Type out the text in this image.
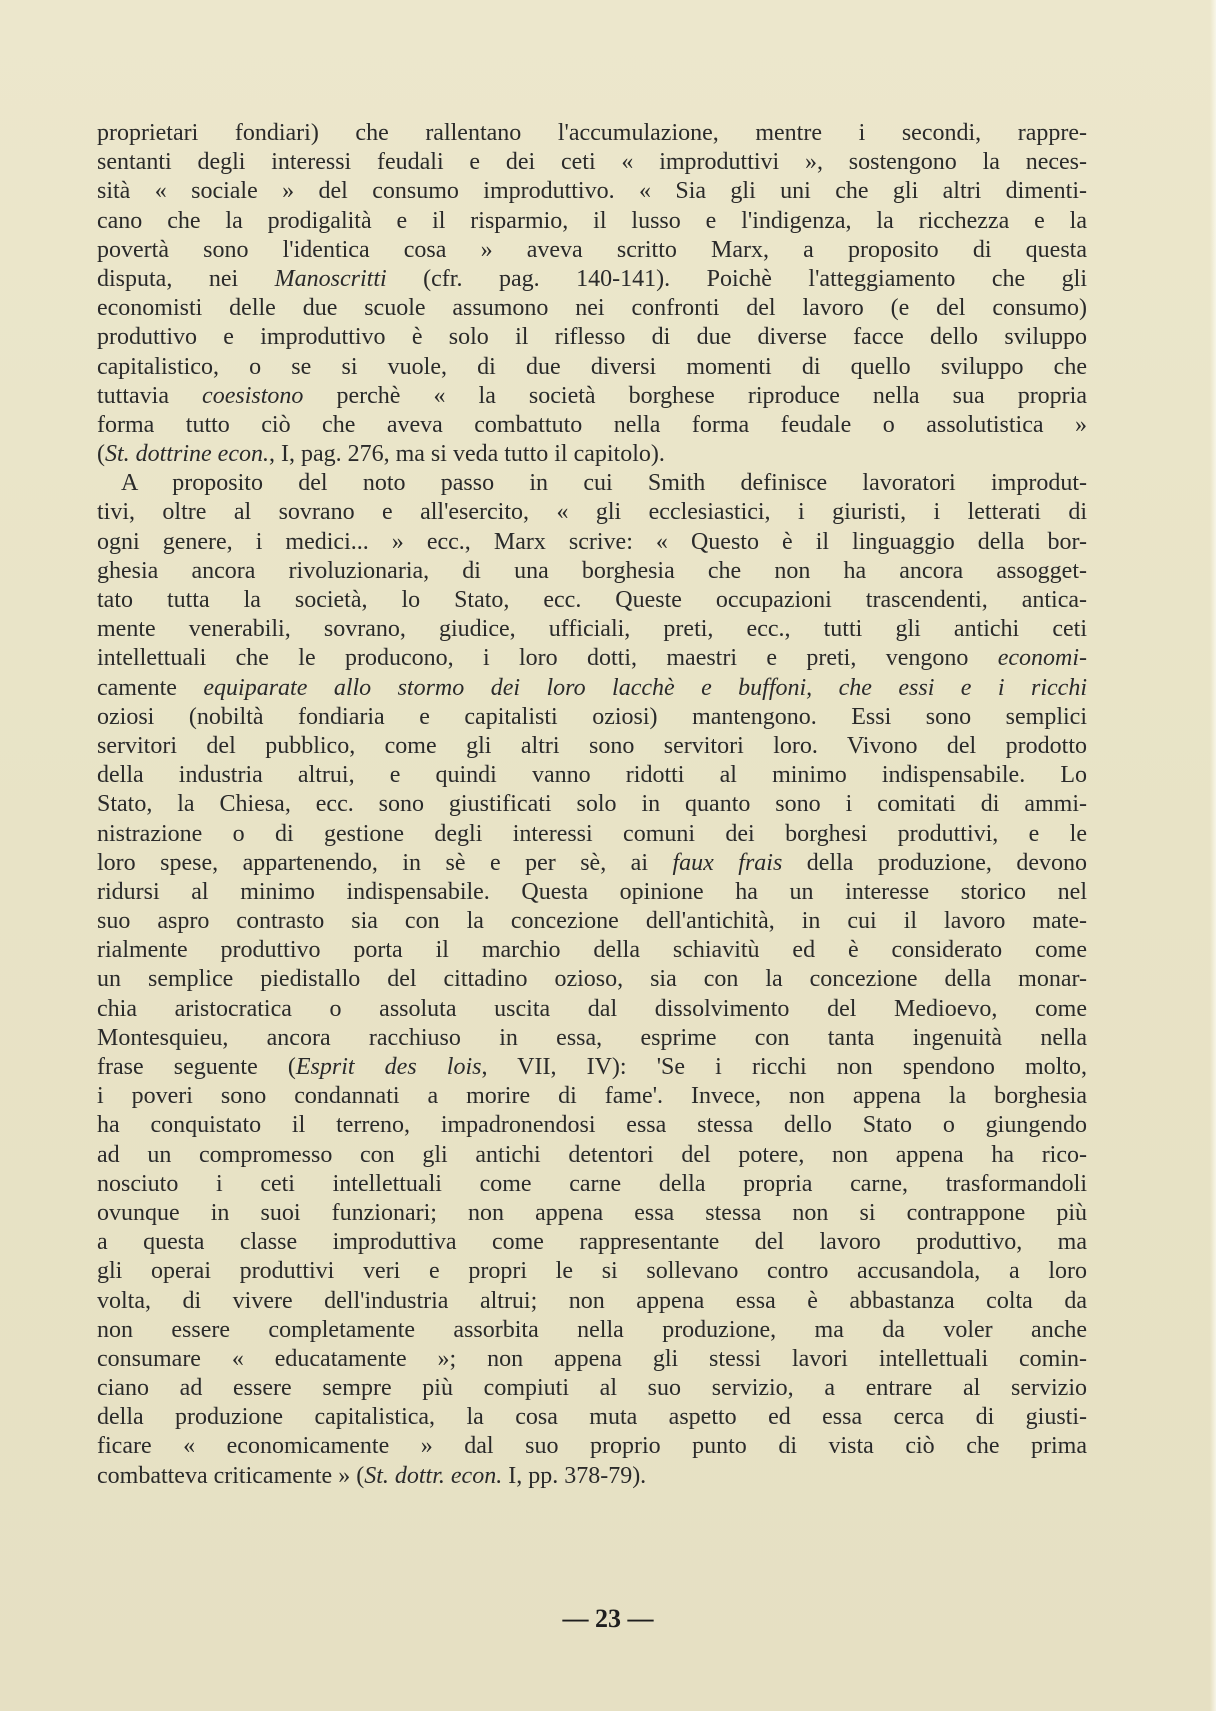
proprietari fondiari) che rallentano l'accumulazione, mentre i secondi, rappre-
sentanti degli interessi feudali e dei ceti « improduttivi », sostengono la neces-
sità « sociale » del consumo improduttivo. « Sia gli uni che gli altri dimenti-
cano che la prodigalità e il risparmio, il lusso e l'indigenza, la ricchezza e la
povertà sono l'identica cosa » aveva scritto Marx, a proposito di questa
disputa, nei Manoscritti (cfr. pag. 140-141). Poichè l'atteggiamento che gli
economisti delle due scuole assumono nei confronti del lavoro (e del consumo)
produttivo e improduttivo è solo il riflesso di due diverse facce dello sviluppo
capitalistico, o se si vuole, di due diversi momenti di quello sviluppo che
tuttavia coesistono perchè « la società borghese riproduce nella sua propria
forma tutto ciò che aveva combattuto nella forma feudale o assolutistica »
(St. dottrine econ., I, pag. 276, ma si veda tutto il capitolo).
A proposito del noto passo in cui Smith definisce lavoratori improdut-
tivi, oltre al sovrano e all'esercito, « gli ecclesiastici, i giuristi, i letterati di
ogni genere, i medici... » ecc., Marx scrive: « Questo è il linguaggio della bor-
ghesia ancora rivoluzionaria, di una borghesia che non ha ancora assogget-
tato tutta la società, lo Stato, ecc. Queste occupazioni trascendenti, antica-
mente venerabili, sovrano, giudice, ufficiali, preti, ecc., tutti gli antichi ceti
intellettuali che le producono, i loro dotti, maestri e preti, vengono economi-
camente equiparate allo stormo dei loro lacchè e buffoni, che essi e i ricchi
oziosi (nobiltà fondiaria e capitalisti oziosi) mantengono. Essi sono semplici
servitori del pubblico, come gli altri sono servitori loro. Vivono del prodotto
della industria altrui, e quindi vanno ridotti al minimo indispensabile. Lo
Stato, la Chiesa, ecc. sono giustificati solo in quanto sono i comitati di ammi-
nistrazione o di gestione degli interessi comuni dei borghesi produttivi, e le
loro spese, appartenendo, in sè e per sè, ai faux frais della produzione, devono
ridursi al minimo indispensabile. Questa opinione ha un interesse storico nel
suo aspro contrasto sia con la concezione dell'antichità, in cui il lavoro mate-
rialmente produttivo porta il marchio della schiavitù ed è considerato come
un semplice piedistallo del cittadino ozioso, sia con la concezione della monar-
chia aristocratica o assoluta uscita dal dissolvimento del Medioevo, come
Montesquieu, ancora racchiuso in essa, esprime con tanta ingenuità nella
frase seguente (Esprit des lois, VII, IV): 'Se i ricchi non spendono molto,
i poveri sono condannati a morire di fame'. Invece, non appena la borghesia
ha conquistato il terreno, impadronendosi essa stessa dello Stato o giungendo
ad un compromesso con gli antichi detentori del potere, non appena ha rico-
nosciuto i ceti intellettuali come carne della propria carne, trasformandoli
ovunque in suoi funzionari; non appena essa stessa non si contrappone più
a questa classe improduttiva come rappresentante del lavoro produttivo, ma
gli operai produttivi veri e propri le si sollevano contro accusandola, a loro
volta, di vivere dell'industria altrui; non appena essa è abbastanza colta da
non essere completamente assorbita nella produzione, ma da voler anche
consumare « educatamente »; non appena gli stessi lavori intellettuali comin-
ciano ad essere sempre più compiuti al suo servizio, a entrare al servizio
della produzione capitalistica, la cosa muta aspetto ed essa cerca di giusti-
ficare « economicamente » dal suo proprio punto di vista ciò che prima
combatteva criticamente » (St. dottr. econ. I, pp. 378-79).
— 23 —
